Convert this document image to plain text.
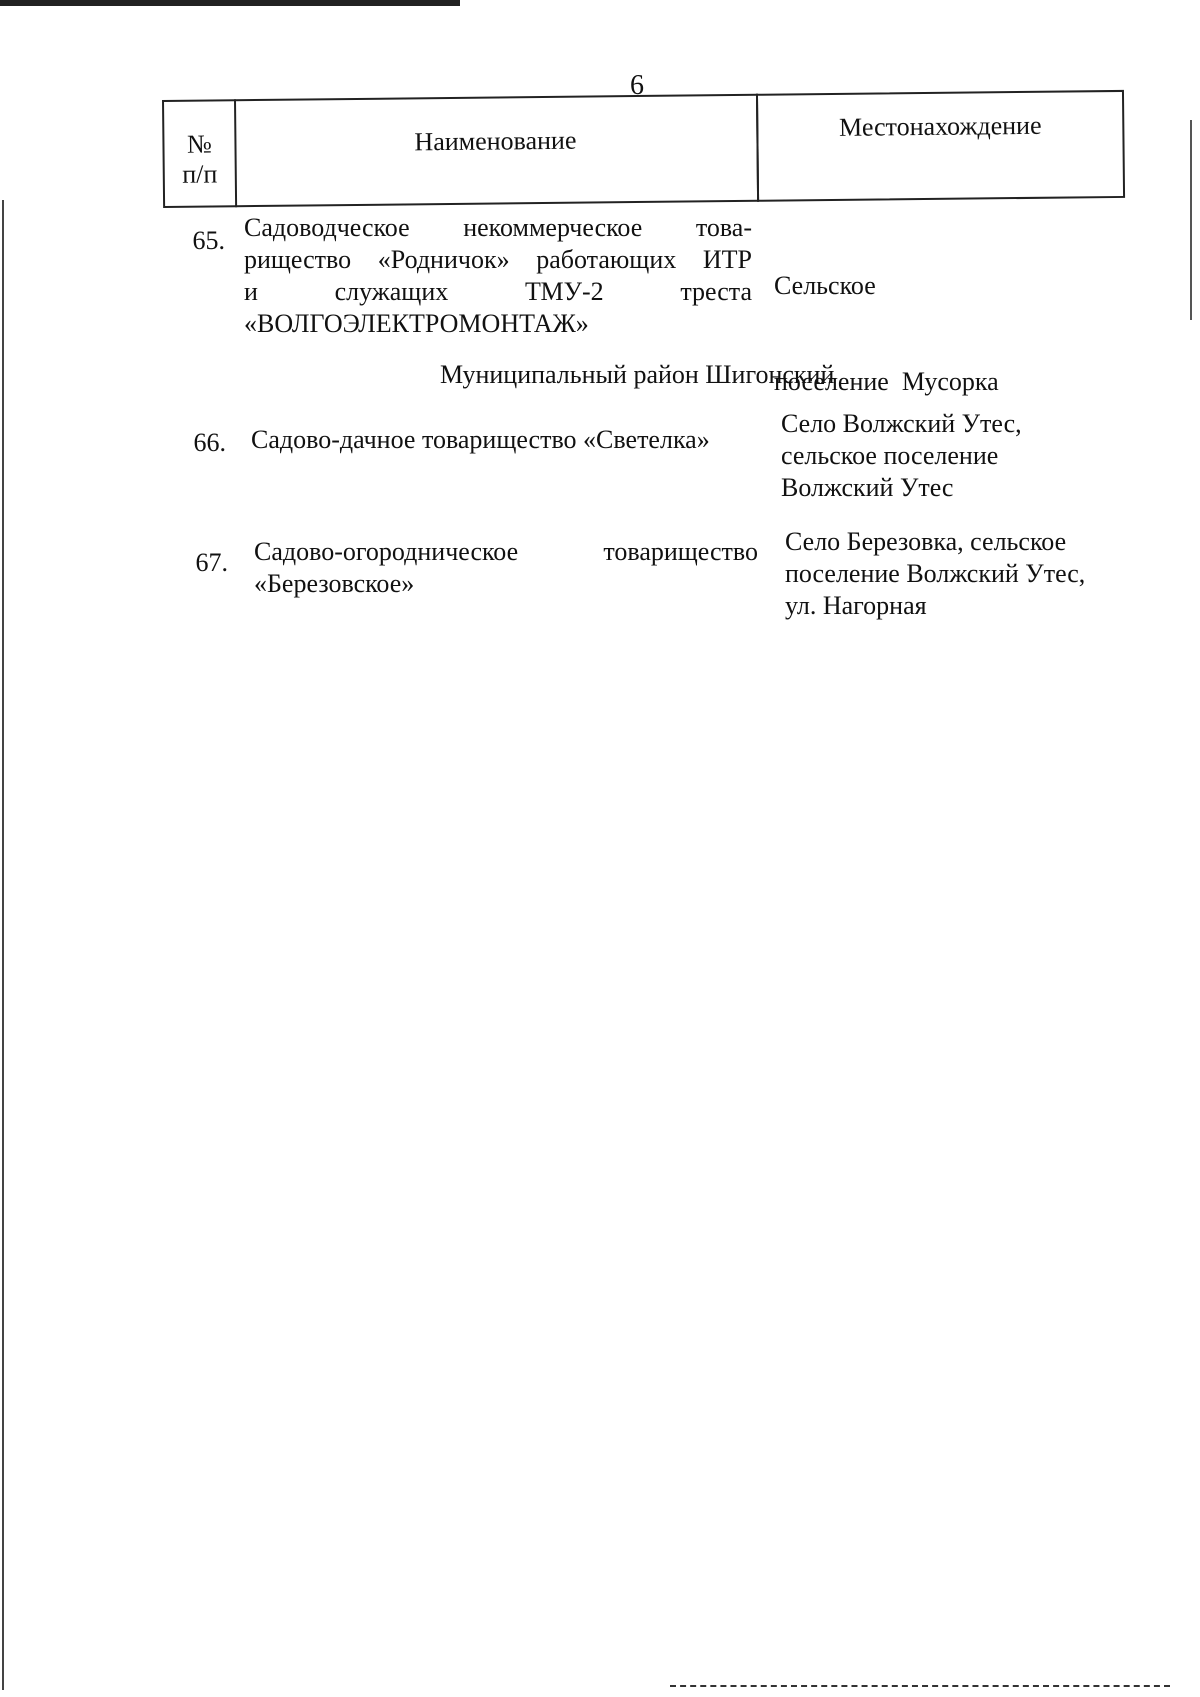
6
№
п/п
Наименование	Местонахождение
65. Садоводческое некоммерческое това-
рищество «Родничок» работающих ИТР
и служащих ТМУ-2 треста
«ВОЛГОЭЛЕКТРОМОНТАЖ»

Сельское

поселение  Мусорка

Муниципальный район Шигонский
66. Садово-дачное товарищество «Светелка»
Село Волжский Утес,
сельское поселение
Волжский Утес
67. Садово-огородническое товарищество
«Березовское»
Село Березовка, сельское
поселение Волжский Утес,
ул. Нагорная
